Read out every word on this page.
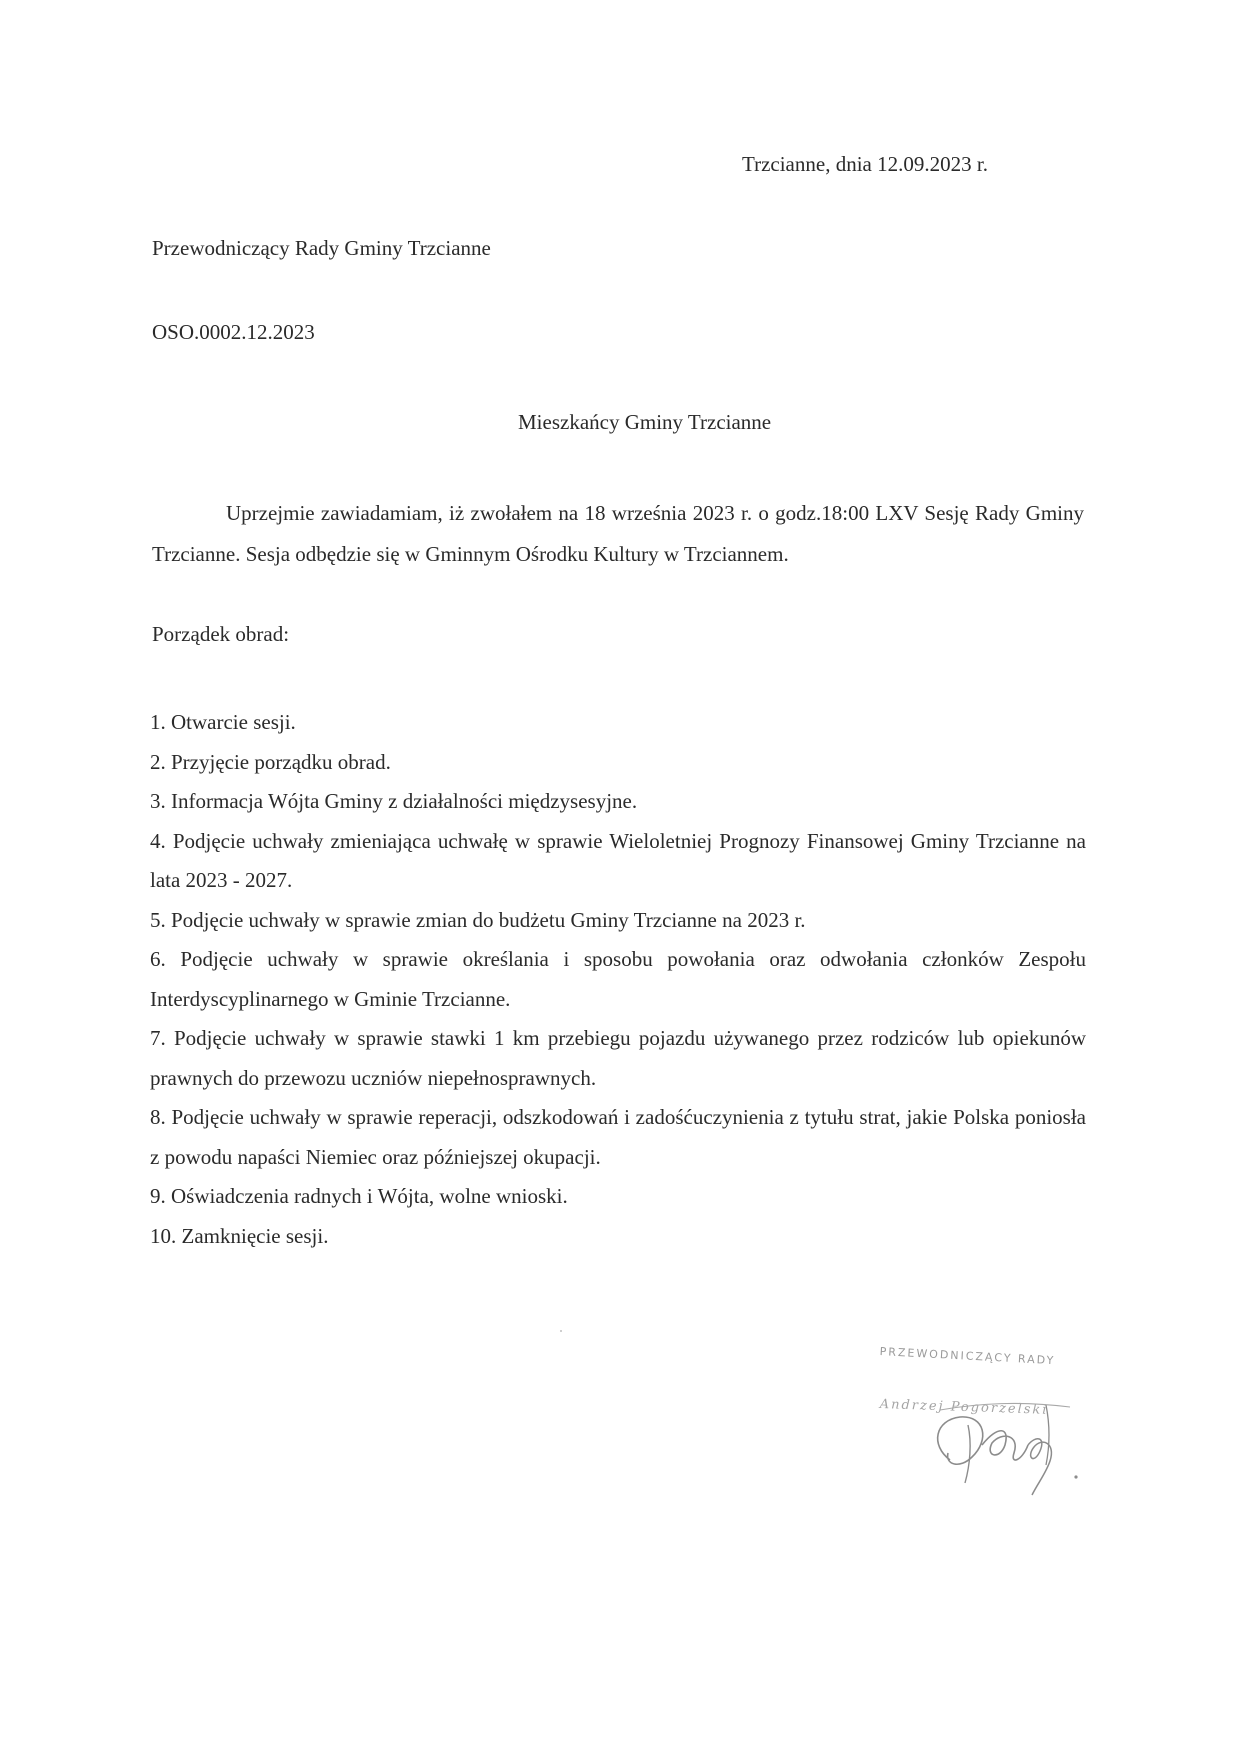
Trzcianne, dnia 12.09.2023 r.
Przewodniczący Rady Gminy Trzcianne
OSO.0002.12.2023
Mieszkańcy Gminy Trzcianne
Uprzejmie zawiadamiam, iż zwołałem na 18 września 2023 r. o godz.18:00 LXV Sesję Rady Gminy Trzcianne. Sesja odbędzie się w Gminnym Ośrodku Kultury w Trzciannem.
Porządek obrad:
1. Otwarcie sesji.
2. Przyjęcie porządku obrad.
3. Informacja Wójta Gminy z działalności międzysesyjne.
4. Podjęcie uchwały zmieniająca uchwałę w sprawie Wieloletniej Prognozy Finansowej Gminy Trzcianne na lata 2023 - 2027.
5. Podjęcie uchwały w sprawie zmian do budżetu Gminy Trzcianne na 2023 r.
6. Podjęcie uchwały w sprawie określania i sposobu powołania oraz odwołania członków Zespołu Interdyscyplinarnego w Gminie Trzcianne.
7. Podjęcie uchwały w sprawie stawki 1 km przebiegu pojazdu używanego przez rodziców lub opiekunów prawnych do przewozu uczniów niepełnosprawnych.
8. Podjęcie uchwały w sprawie reperacji, odszkodowań i zadośćuczynienia z tytułu strat, jakie Polska poniosła z powodu napaści Niemiec oraz późniejszej okupacji.
9. Oświadczenia radnych i Wójta, wolne wnioski.
10. Zamknięcie sesji.
PRZEWODNICZĄCY RADY
Andrzej Pogorzelski
